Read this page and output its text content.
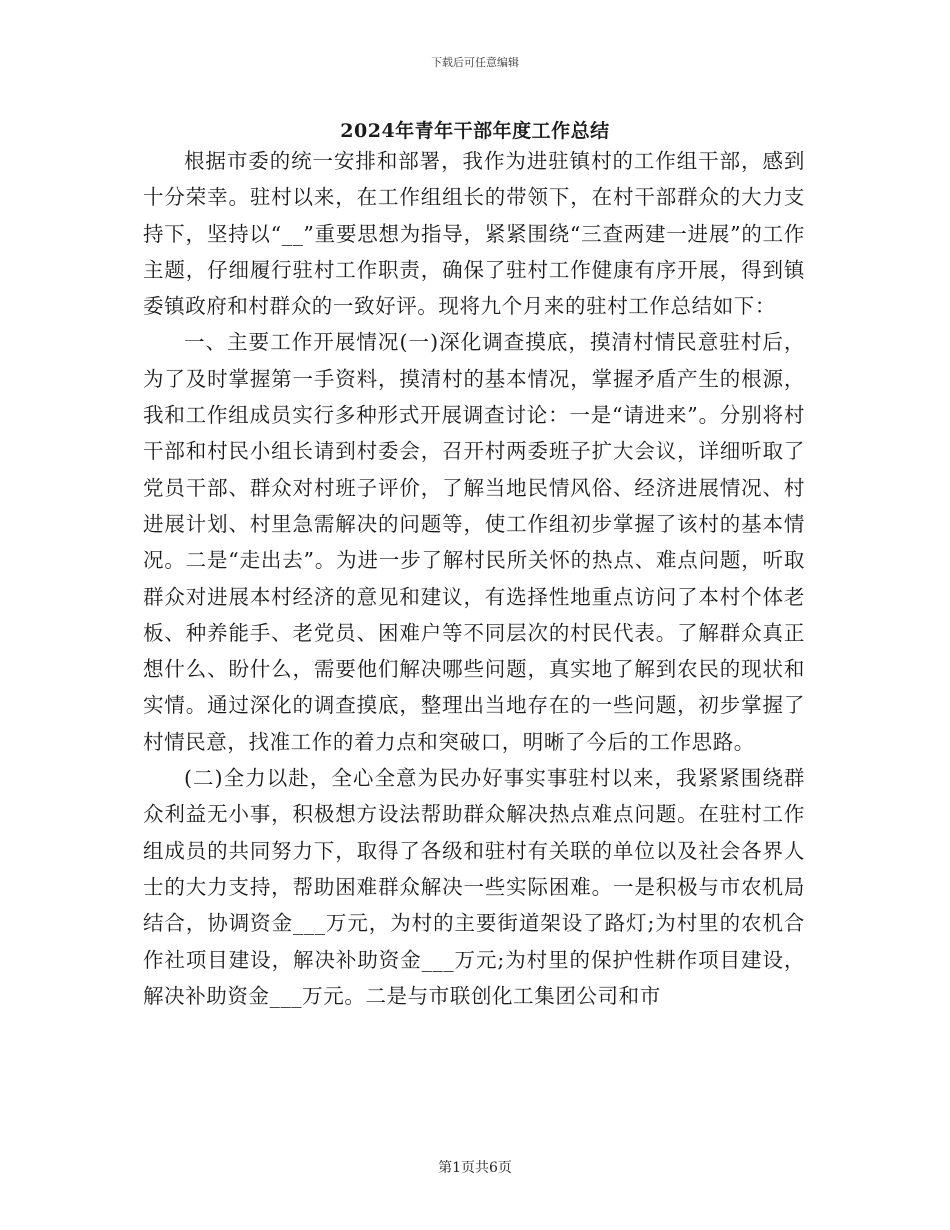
下载后可任意编辑
2024年青年干部年度工作总结

根据市委的统一安排和部署，我作为进驻镇村的工作组干部，感到十分荣幸。驻村以来，在工作组组长的带领下，在村干部群众的大力支持下，坚持以“__”重要思想为指导，紧紧围绕“三查两建一进展”的工作主题，仔细履行驻村工作职责，确保了驻村工作健康有序开展，得到镇委镇政府和村群众的一致好评。现将九个月来的驻村工作总结如下：

一、主要工作开展情况(一)深化调查摸底，摸清村情民意驻村后，为了及时掌握第一手资料，摸清村的基本情况，掌握矛盾产生的根源，我和工作组成员实行多种形式开展调查讨论：一是“请进来”。分别将村干部和村民小组长请到村委会，召开村两委班子扩大会议，详细听取了党员干部、群众对村班子评价，了解当地民情风俗、经济进展情况、村进展计划、村里急需解决的问题等，使工作组初步掌握了该村的基本情况。二是“走出去”。为进一步了解村民所关怀的热点、难点问题，听取群众对进展本村经济的意见和建议，有选择性地重点访问了本村个体老板、种养能手、老党员、困难户等不同层次的村民代表。了解群众真正想什么、盼什么，需要他们解决哪些问题，真实地了解到农民的现状和实情。通过深化的调查摸底，整理出当地存在的一些问题，初步掌握了村情民意，找准工作的着力点和突破口，明晰了今后的工作思路。

(二)全力以赴，全心全意为民办好事实事驻村以来，我紧紧围绕群众利益无小事，积极想方设法帮助群众解决热点难点问题。在驻村工作组成员的共同努力下，取得了各级和驻村有关联的单位以及社会各界人士的大力支持，帮助困难群众解决一些实际困难。一是积极与市农机局结合，协调资金___万元，为村的主要街道架设了路灯;为村里的农机合作社项目建设，解决补助资金___万元;为村里的保护性耕作项目建设，解决补助资金___万元。二是与市联创化工集团公司和市

第1页共6页
